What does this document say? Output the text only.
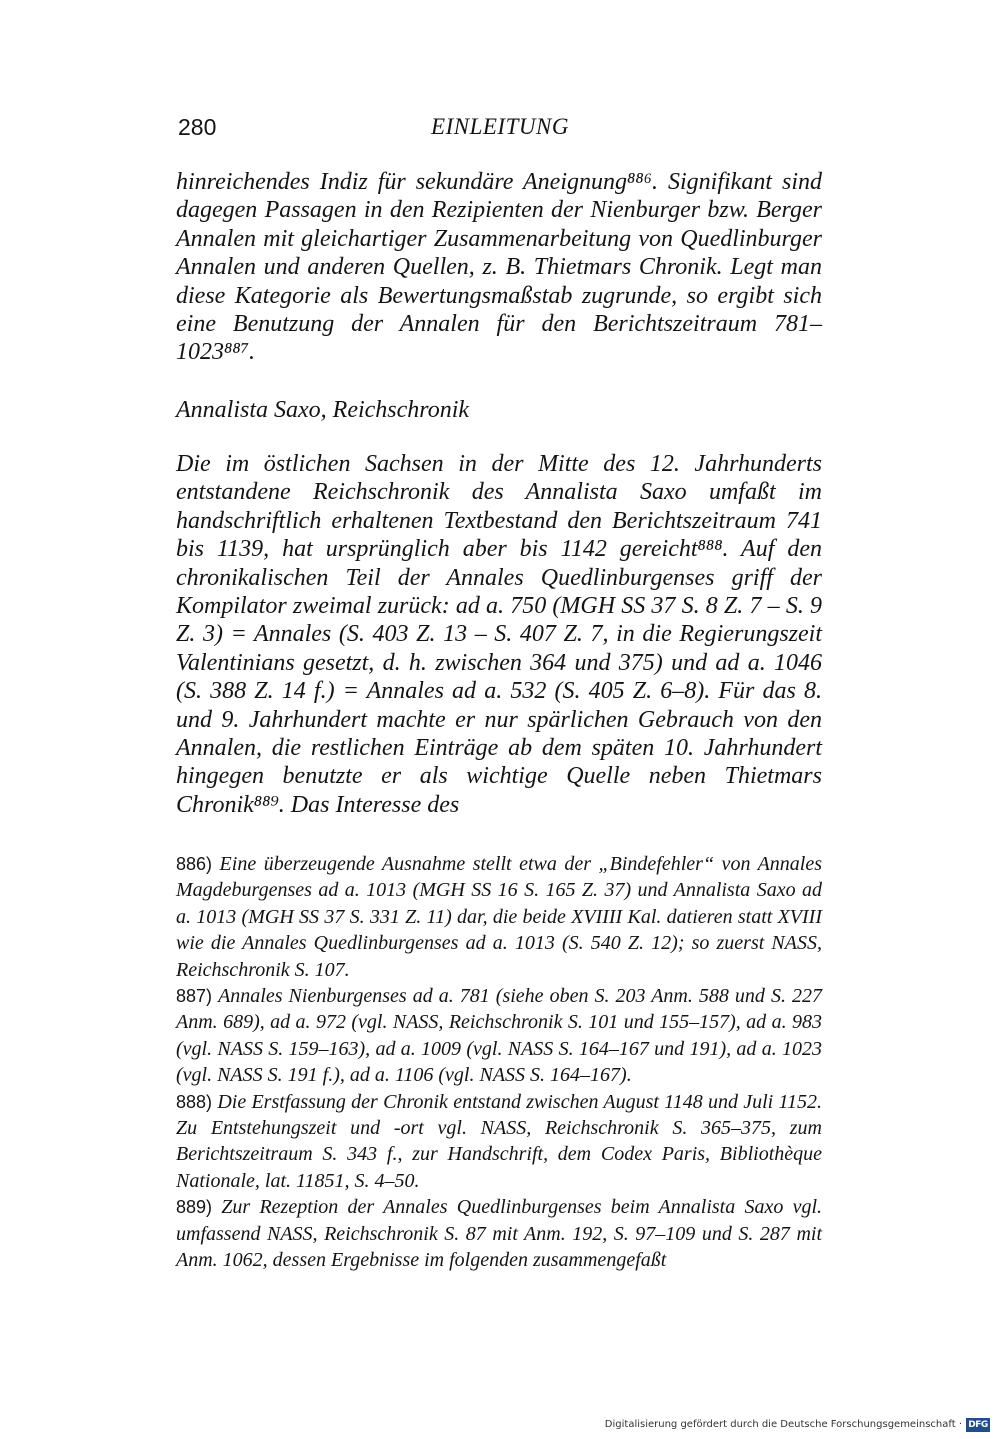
280	EINLEITUNG

hinreichendes Indiz für sekundäre Aneignung⁸⁸⁶. Signifikant sind dagegen Passagen in den Rezipienten der Nienburger bzw. Berger Annalen mit gleichartiger Zusammenarbeitung von Quedlinburger Annalen und anderen Quellen, z. B. Thietmars Chronik. Legt man diese Kategorie als Bewertungsmaßstab zugrunde, so ergibt sich eine Benutzung der Annalen für den Berichtszeitraum 781–1023⁸⁸⁷.

Annalista Saxo, Reichschronik

Die im östlichen Sachsen in der Mitte des 12. Jahrhunderts entstandene Reichschronik des Annalista Saxo umfaßt im handschriftlich erhaltenen Textbestand den Berichtszeitraum 741 bis 1139, hat ursprünglich aber bis 1142 gereicht⁸⁸⁸. Auf den chronikalischen Teil der Annales Quedlinburgenses griff der Kompilator zweimal zurück: ad a. 750 (MGH SS 37 S. 8 Z. 7 – S. 9 Z. 3) = Annales (S. 403 Z. 13 – S. 407 Z. 7, in die Regierungszeit Valentinians gesetzt, d. h. zwischen 364 und 375) und ad a. 1046 (S. 388 Z. 14 f.) = Annales ad a. 532 (S. 405 Z. 6–8). Für das 8. und 9. Jahrhundert machte er nur spärlichen Gebrauch von den Annalen, die restlichen Einträge ab dem späten 10. Jahrhundert hingegen benutzte er als wichtige Quelle neben Thietmars Chronik⁸⁸⁹. Das Interesse des

886 ) Eine überzeugende Ausnahme stellt etwa der „Bindefehler“ von Annales Magdeburgenses ad a. 1013 (MGH SS 16 S. 165 Z. 37) und Annalista Saxo ad a. 1013 (MGH SS 37 S. 331 Z. 11) dar, die beide XVIIII Kal. datieren statt XVIII wie die Annales Quedlinburgenses ad a. 1013 (S. 540 Z. 12); so zuerst NASS, Reichschronik S. 107.
887 ) Annales Nienburgenses ad a. 781 (siehe oben S. 203 Anm. 588 und S. 227 Anm. 689), ad a. 972 (vgl. NASS, Reichschronik S. 101 und 155–157), ad a. 983 (vgl. NASS S. 159–163), ad a. 1009 (vgl. NASS S. 164–167 und 191), ad a. 1023 (vgl. NASS S. 191 f.), ad a. 1106 (vgl. NASS S. 164–167).
888 ) Die Erstfassung der Chronik entstand zwischen August 1148 und Juli 1152. Zu Entstehungszeit und -ort vgl. NASS, Reichschronik S. 365–375, zum Berichtszeitraum S. 343 f., zur Handschrift, dem Codex Paris, Bibliothèque Nationale, lat. 11851, S. 4–50.
889 ) Zur Rezeption der Annales Quedlinburgenses beim Annalista Saxo vgl. umfassend NASS, Reichschronik S. 87 mit Anm. 192, S. 97–109 und S. 287 mit Anm. 1062, dessen Ergebnisse im folgenden zusammengefaßt

Digitalisierung gefördert durch die Deutsche Forschungsgemeinschaft · DFG
